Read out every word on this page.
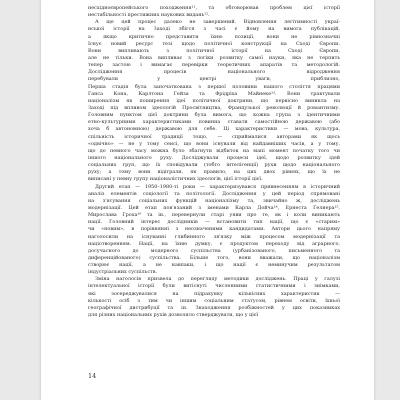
несхідноєвропейського походження¹¹, та обговорював проблем цієї історії
нестабільності престижних наукових видань¹².
А ще цей процес далеко не завершений. Відновлення легітимності украї-
нської історії на Заході збігся з часі є йому на вимога публікацій,
а якщо критично представити їхню позиції, вони не рівнозначні
Існує новий ресурс тезі щодо політичної конструкції на Сході Європи.
Вони випливають з політичної історії на Сході Європи,
але не тільки. Вона випливає з логіки розвитку самої науки, яка не терпить
тепер застою і вимагає перевірки теоретичних апаратів та методологій.
Дослідження процесів національного відродження
перебували у центрі уваги, приблизно,
Перша стадія була започаткована з першої половини нашого століття працями
Ганса Кона, Карлтона Гейза та Фрідріха Майнеке¹³. Вони трактували
націоналізм як поширення ідеї політичної доктрини, що первісно виникла на
Заході під впливом ідеологій Просвітництва, Французької революції й романтизму.
Головним пунктом цієї доктрини була вимога, що кожна група з ідентичними
етно-культурними характеристиками повинна ставати самостійною державою (або
хоча б автономною) державою для себе. Ці характеристики — мова, культура,
спільність історичної традиції тощо, — сприймалися авторами як щось
«одвічно» — не у тому сенсі, що вони існували від найдавніших часів, а у тому,
що до певного часу можна було збагнути відбиток на мапі момент початку того чи
іншого національного руху. Досліджували процеси ідеї, щодо розвитку ідей
соціальних груп, що їх сповідували (тобто інтелігенції) рухи щодо національного
руху; а тому вони відіграли, як правило, на цих двох рівнях, що їх не
виписані у певну групу націоналістичних ідеологів, цієї історії цієї.
Другий етап — 1950–1980-ті роки — характеризувався привнесенням в історичний
аналіз елементів соціології та політології. Дослідження у цей період спрямовані
на з'ясування соціальних функцій націоналізму та, звичайно ж, досліджень
модернізації. Цей етап пов'язаний з іменами Карла Дойча¹⁴, Ернеста Гелнера¹⁵,
Мирослава Гроха¹⁶ та ін., перевернули старі уяви про те, як і коли виникають
нації. Головний інтерес дослідників — встановити тип нації, що є «старим»
чи «новим», в порівнянні з неозначеними кандидатами. Автори цього напряму
наголосили на існуванні глибинного зв'язку між процесом модернізації та
націотворенням. Нації, на їхню думку, є продуктом переходу від аграрного,
досучасного до модерного суспільства (урбанізованого, письменного та
диференційованого) суспільства. Більше того, вони вважали, що націоналізм
створює нації, а не навпаки, і що нації є неминучим результатом
індустріальних суспільств.
Зміна наголосів призвела до перегляду методики досліджень. Праці у галузі
інтелектуальної історії були витіснуті численними статистичними і знімками,
які зосереджувалися на підрахунку кількісних характеристик —
кількості осіб з тим чи іншим соціальним статусом, рівнем освіти, їхньої
географічної дистрибуції та ін. Знаходження розбіжностей у цих показниках
для різних національних рухів дозволяло стверджувати, що у цієї
14
